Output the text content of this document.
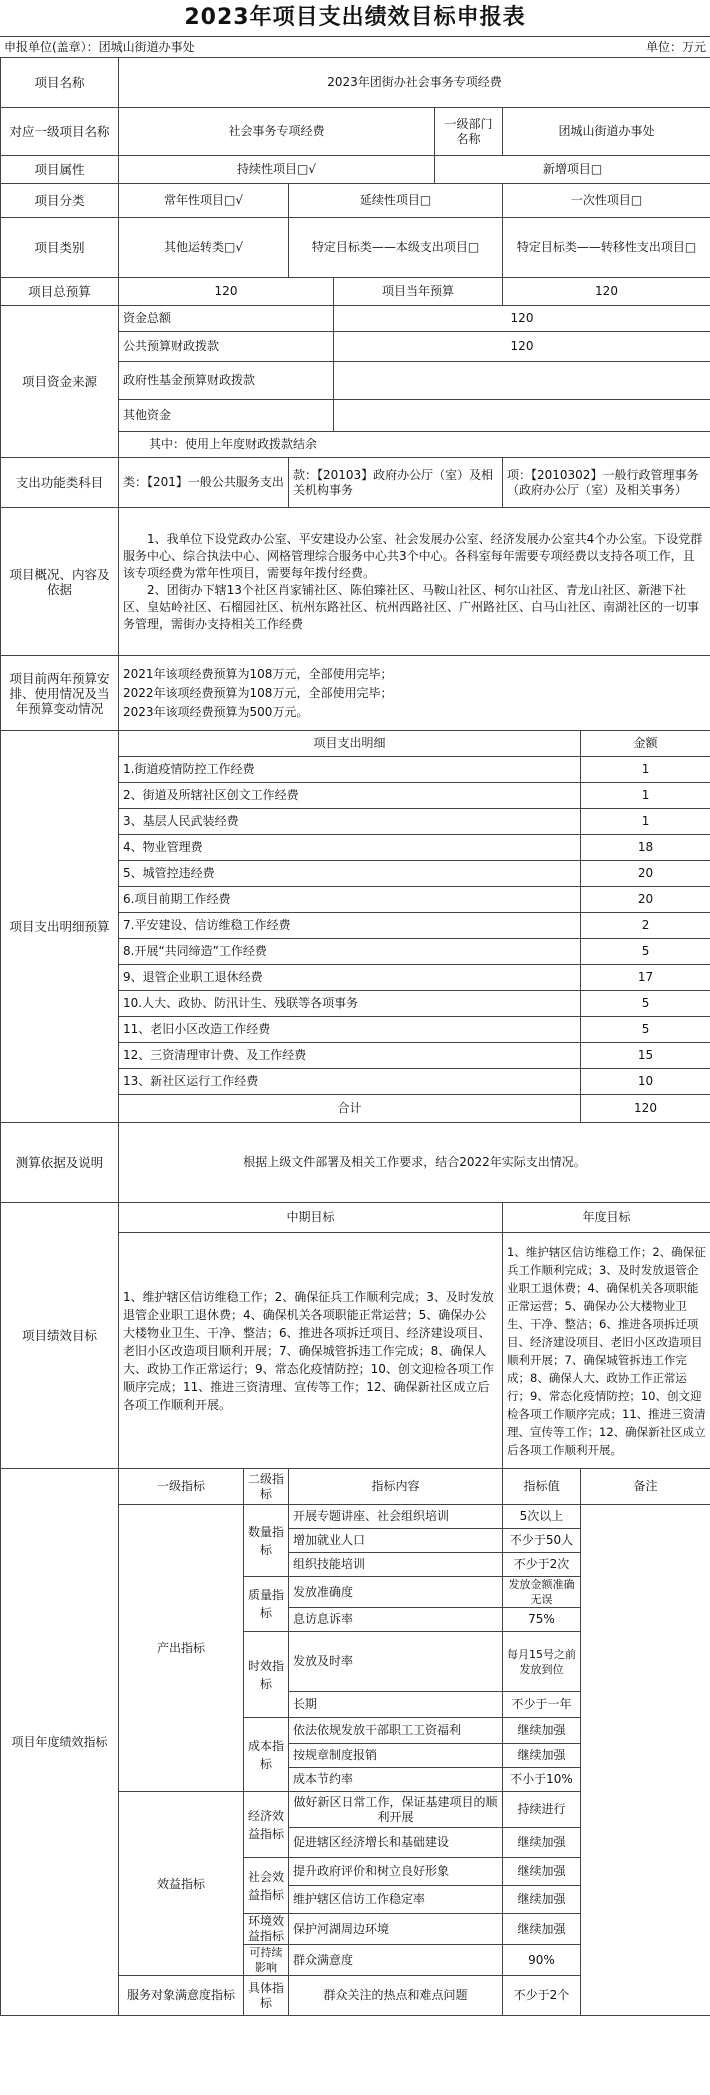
2023年项目支出绩效目标申报表
申报单位(盖章）：团城山街道办事处	单位：万元
项目名称	2023年团街办社会事务专项经费						
对应一级项目名称	社会事务专项经费				一级部门名称	团城山街道办事处	
项目属性	持续性项目□√				新增项目□		
项目分类	常年性项目□√		延续性项目□			一次性项目□	
项目类别	其他运转类□√		特定目标类——本级支出项目□			特定目标类——转移性支出项目□	
项目总预算	120			项目当年预算		120	
项目资金来源	资金总额			120			
	公共预算财政拨款			120			
	政府性基金预算财政拨款						
	其他资金						
	其中：使用上年度财政拨款结余						
支出功能类科目	类：【201】一般公共服务支出		款：【20103】政府办公厅（室）及相关机构事务			项：【2010302】一般行政管理事务（政府办公厅（室）及相关事务）	
项目概况、内容及依据	1、我单位下设党政办公室、平安建设办公室、社会发展办公室、经济发展办公室共4个办公室。下设党群服务中心、综合执法中心、网格管理综合服务中心共3个中心。各科室每年需要专项经费以支持各项工作，且该专项经费为常年性项目，需要每年拨付经费。
2、团街办下辖13个社区肖家铺社区、陈伯臻社区、马鞍山社区、柯尔山社区、青龙山社区、新港下社区、皇姑岭社区、石榴园社区、杭州东路社区、杭州西路社区、广州路社区、白马山社区、南湖社区的一切事务管理，需街办支持相关工作经费						

项目前两年预算安排、使用情况及当年预算变动情况	2021年该项经费预算为108万元，全部使用完毕；
2022年该项经费预算为108万元，全部使用完毕；
2023年该项经费预算为500万元。						

项目支出明细预算	项目支出明细						金额
	1.街道疫情防控工作经费						1
	2、街道及所辖社区创文工作经费						1
	3、基层人民武装经费						1
	4、物业管理费						18
	5、城管控违经费						20
	6.项目前期工作经费						20
	7.平安建设、信访维稳工作经费						2
	8.开展“共同缔造”工作经费						5
	9、退管企业职工退休经费						17
	10.人大、政协、防汛计生、残联等各项事务						5
	11、老旧小区改造工作经费						5
	12、三资清理审计费、及工作经费						15
	13、新社区运行工作经费						10
	合计						120
测算依据及说明	根据上级文件部署及相关工作要求，结合2022年实际支出情况。						
项目绩效目标	中期目标					年度目标	
	1、维护辖区信访维稳工作；2、确保征兵工作顺利完成；3、及时发放退管企业职工退休费；4、确保机关各项职能正常运营；5、确保办公大楼物业卫生、干净、整洁；6、推进各项拆迁项目、经济建设项目、老旧小区改造项目顺利开展；7、确保城管拆违工作完成；8、确保人大、政协工作正常运行；9、常态化疫情防控；10、创文迎检各项工作顺序完成；11、推进三资清理、宣传等工作；12、确保新社区成立后各项工作顺利开展。					1、维护辖区信访维稳工作；2、确保征兵工作顺利完成；3、及时发放退管企业职工退休费；4、确保机关各项职能正常运营；5、确保办公大楼物业卫生、干净、整洁；6、推进各项拆迁项目、经济建设项目、老旧小区改造项目顺利开展；7、确保城管拆违工作完成；8、确保人大、政协工作正常运行；9、常态化疫情防控；10、创文迎检各项工作顺序完成；11、推进三资清理、宣传等工作；12、确保新社区成立后各项工作顺利开展。	
项目年度绩效指标	一级指标	二级指标	指标内容			指标值	备注
	产出指标	数量指标	开展专题讲座、社会组织培训			5次以上	
			增加就业人口			不少于50人	
			组织技能培训			不少于2次	
		质量指标	发放准确度			发放金额准确无误	
			息访息诉率			75%	
		时效指标	发放及时率			每月15号之前发放到位	
			长期			不少于一年	
		成本指标	依法依规发放干部职工工资福利			继续加强	
			按规章制度报销			继续加强	
			成本节约率			不小于10%	
	效益指标	经济效益指标	做好新区日常工作，保证基建项目的顺利开展			持续进行	
			促进辖区经济增长和基础建设			继续加强	
		社会效益指标	提升政府评价和树立良好形象			继续加强	
			维护辖区信访工作稳定率			继续加强	
		环境效益指标	保护河湖周边环境			继续加强	
		可持续影响	群众满意度			90%	
	服务对象满意度指标	具体指标	群众关注的热点和难点问题			不少于2个	
